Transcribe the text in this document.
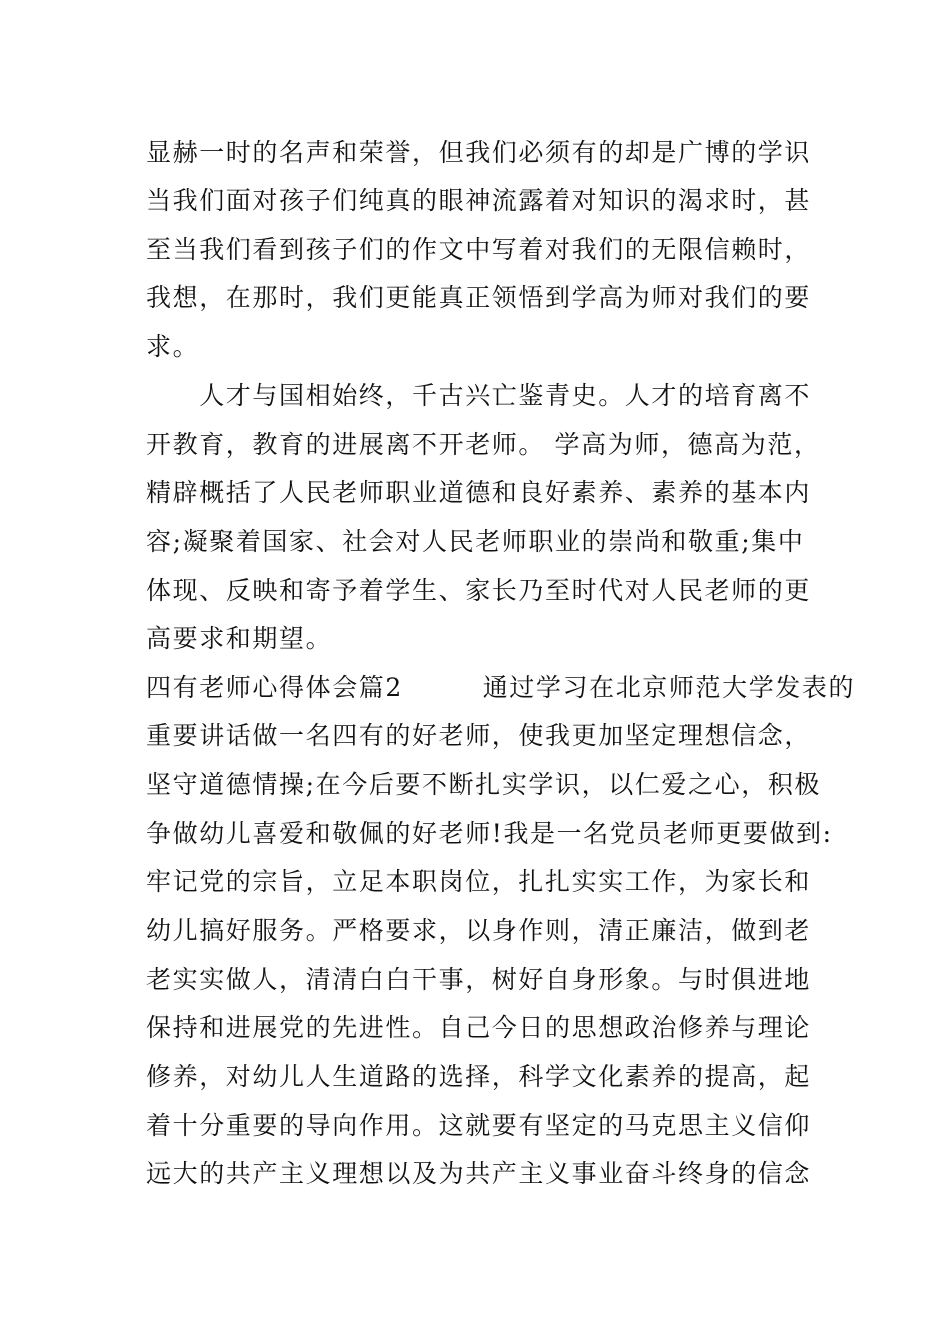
显赫一时的名声和荣誉，但我们必须有的却是广博的学识
当我们面对孩子们纯真的眼神流露着对知识的渴求时，甚
至当我们看到孩子们的作文中写着对我们的无限信赖时，
我想，在那时，我们更能真正领悟到学高为师对我们的要
求。
　　人才与国相始终，千古兴亡鉴青史。人才的培育离不
开教育，教育的进展离不开老师。 学高为师，德高为范，
精辟概括了人民老师职业道德和良好素养、素养的基本内
容;凝聚着国家、社会对人民老师职业的崇尚和敬重;集中
体现、反映和寄予着学生、家长乃至时代对人民老师的更
高要求和期望。
四有老师心得体会篇2　　　通过学习在北京师范大学发表的
重要讲话做一名四有的好老师，使我更加坚定理想信念，
坚守道德情操;在今后要不断扎实学识，以仁爱之心，积极
争做幼儿喜爱和敬佩的好老师!我是一名党员老师更要做到:
牢记党的宗旨，立足本职岗位，扎扎实实工作，为家长和
幼儿搞好服务。严格要求，以身作则，清正廉洁，做到老
老实实做人，清清白白干事，树好自身形象。与时俱进地
保持和进展党的先进性。自己今日的思想政治修养与理论
修养，对幼儿人生道路的选择，科学文化素养的提高，起
着十分重要的导向作用。这就要有坚定的马克思主义信仰
远大的共产主义理想以及为共产主义事业奋斗终身的信念
